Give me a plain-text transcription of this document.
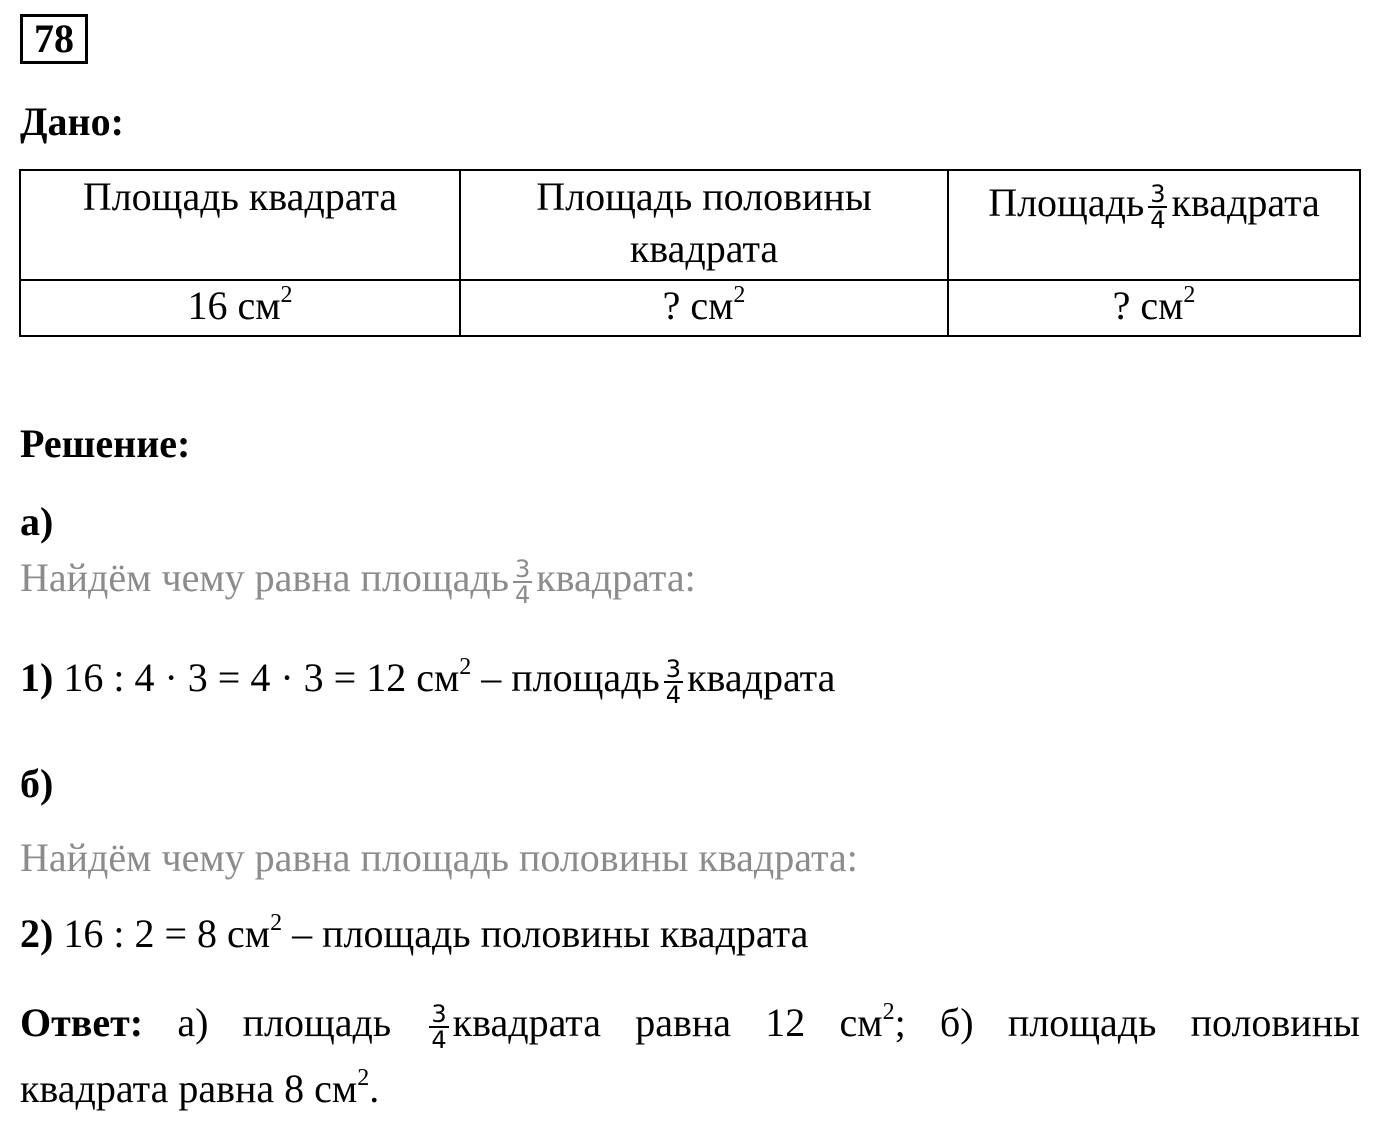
78
Дано:
Площадь квадрата	Площадь половины квадрата	Площадь $\frac{3}{4}$ квадрата
16 $см^2$	? $см^2$	? $см^2$
Решение:
а)
Найдём чему равна площадь $\frac{3}{4}$ квадрата:
1) 16 : 4 · 3 = 4 · 3 = 12 $см^2$ – площадь $\frac{3}{4}$ квадрата
б)
Найдём чему равна площадь половины квадрата:
2) 16 : 2 = 8 $см^2$ – площадь половины квадрата
Ответ: а) площадь $\frac{3}{4}$ квадрата равна 12 $см^2$; б) площадь половины
квадрата равна 8 $см^2$.
